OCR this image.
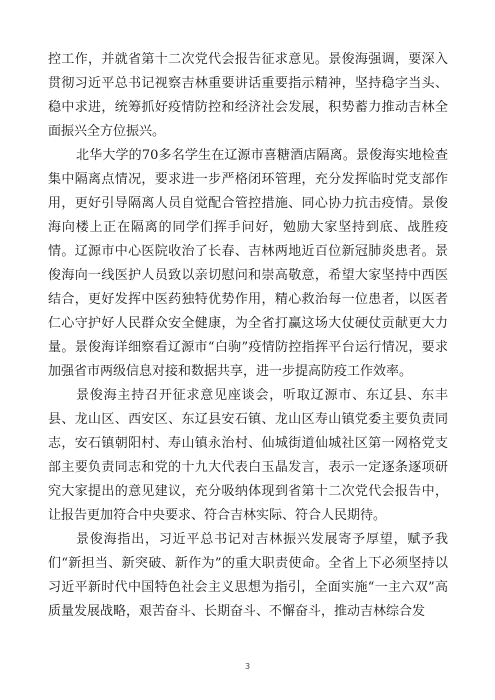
控工作，并就省第十二次党代会报告征求意见。景俊海强调，要深入贯彻习近平总书记视察吉林重要讲话重要指示精神，坚持稳字当头、稳中求进，统筹抓好疫情防控和经济社会发展，积势蓄力推动吉林全面振兴全方位振兴。

北华大学的70多名学生在辽源市喜糖酒店隔离。景俊海实地检查集中隔离点情况，要求进一步严格闭环管理，充分发挥临时党支部作用，更好引导隔离人员自觉配合管控措施、同心协力抗击疫情。景俊海向楼上正在隔离的同学们挥手问好，勉励大家坚持到底、战胜疫情。辽源市中心医院收治了长春、吉林两地近百位新冠肺炎患者。景俊海向一线医护人员致以亲切慰问和崇高敬意，希望大家坚持中西医结合，更好发挥中医药独特优势作用，精心救治每一位患者，以医者仁心守护好人民群众安全健康，为全省打赢这场大仗硬仗贡献更大力量。景俊海详细察看辽源市“白驹”疫情防控指挥平台运行情况，要求加强省市两级信息对接和数据共享，进一步提高防疫工作效率。

景俊海主持召开征求意见座谈会，听取辽源市、东辽县、东丰县、龙山区、西安区、东辽县安石镇、龙山区寿山镇党委主要负责同志，安石镇朝阳村、寿山镇永治村、仙城街道仙城社区第一网格党支部主要负责同志和党的十九大代表白玉晶发言，表示一定逐条逐项研究大家提出的意见建议，充分吸纳体现到省第十二次党代会报告中，让报告更加符合中央要求、符合吉林实际、符合人民期待。

景俊海指出，习近平总书记对吉林振兴发展寄予厚望，赋予我们“新担当、新突破、新作为”的重大职责使命。全省上下必须坚持以习近平新时代中国特色社会主义思想为指引，全面实施“一主六双”高质量发展战略，艰苦奋斗、长期奋斗、不懈奋斗，推动吉林综合发

3
